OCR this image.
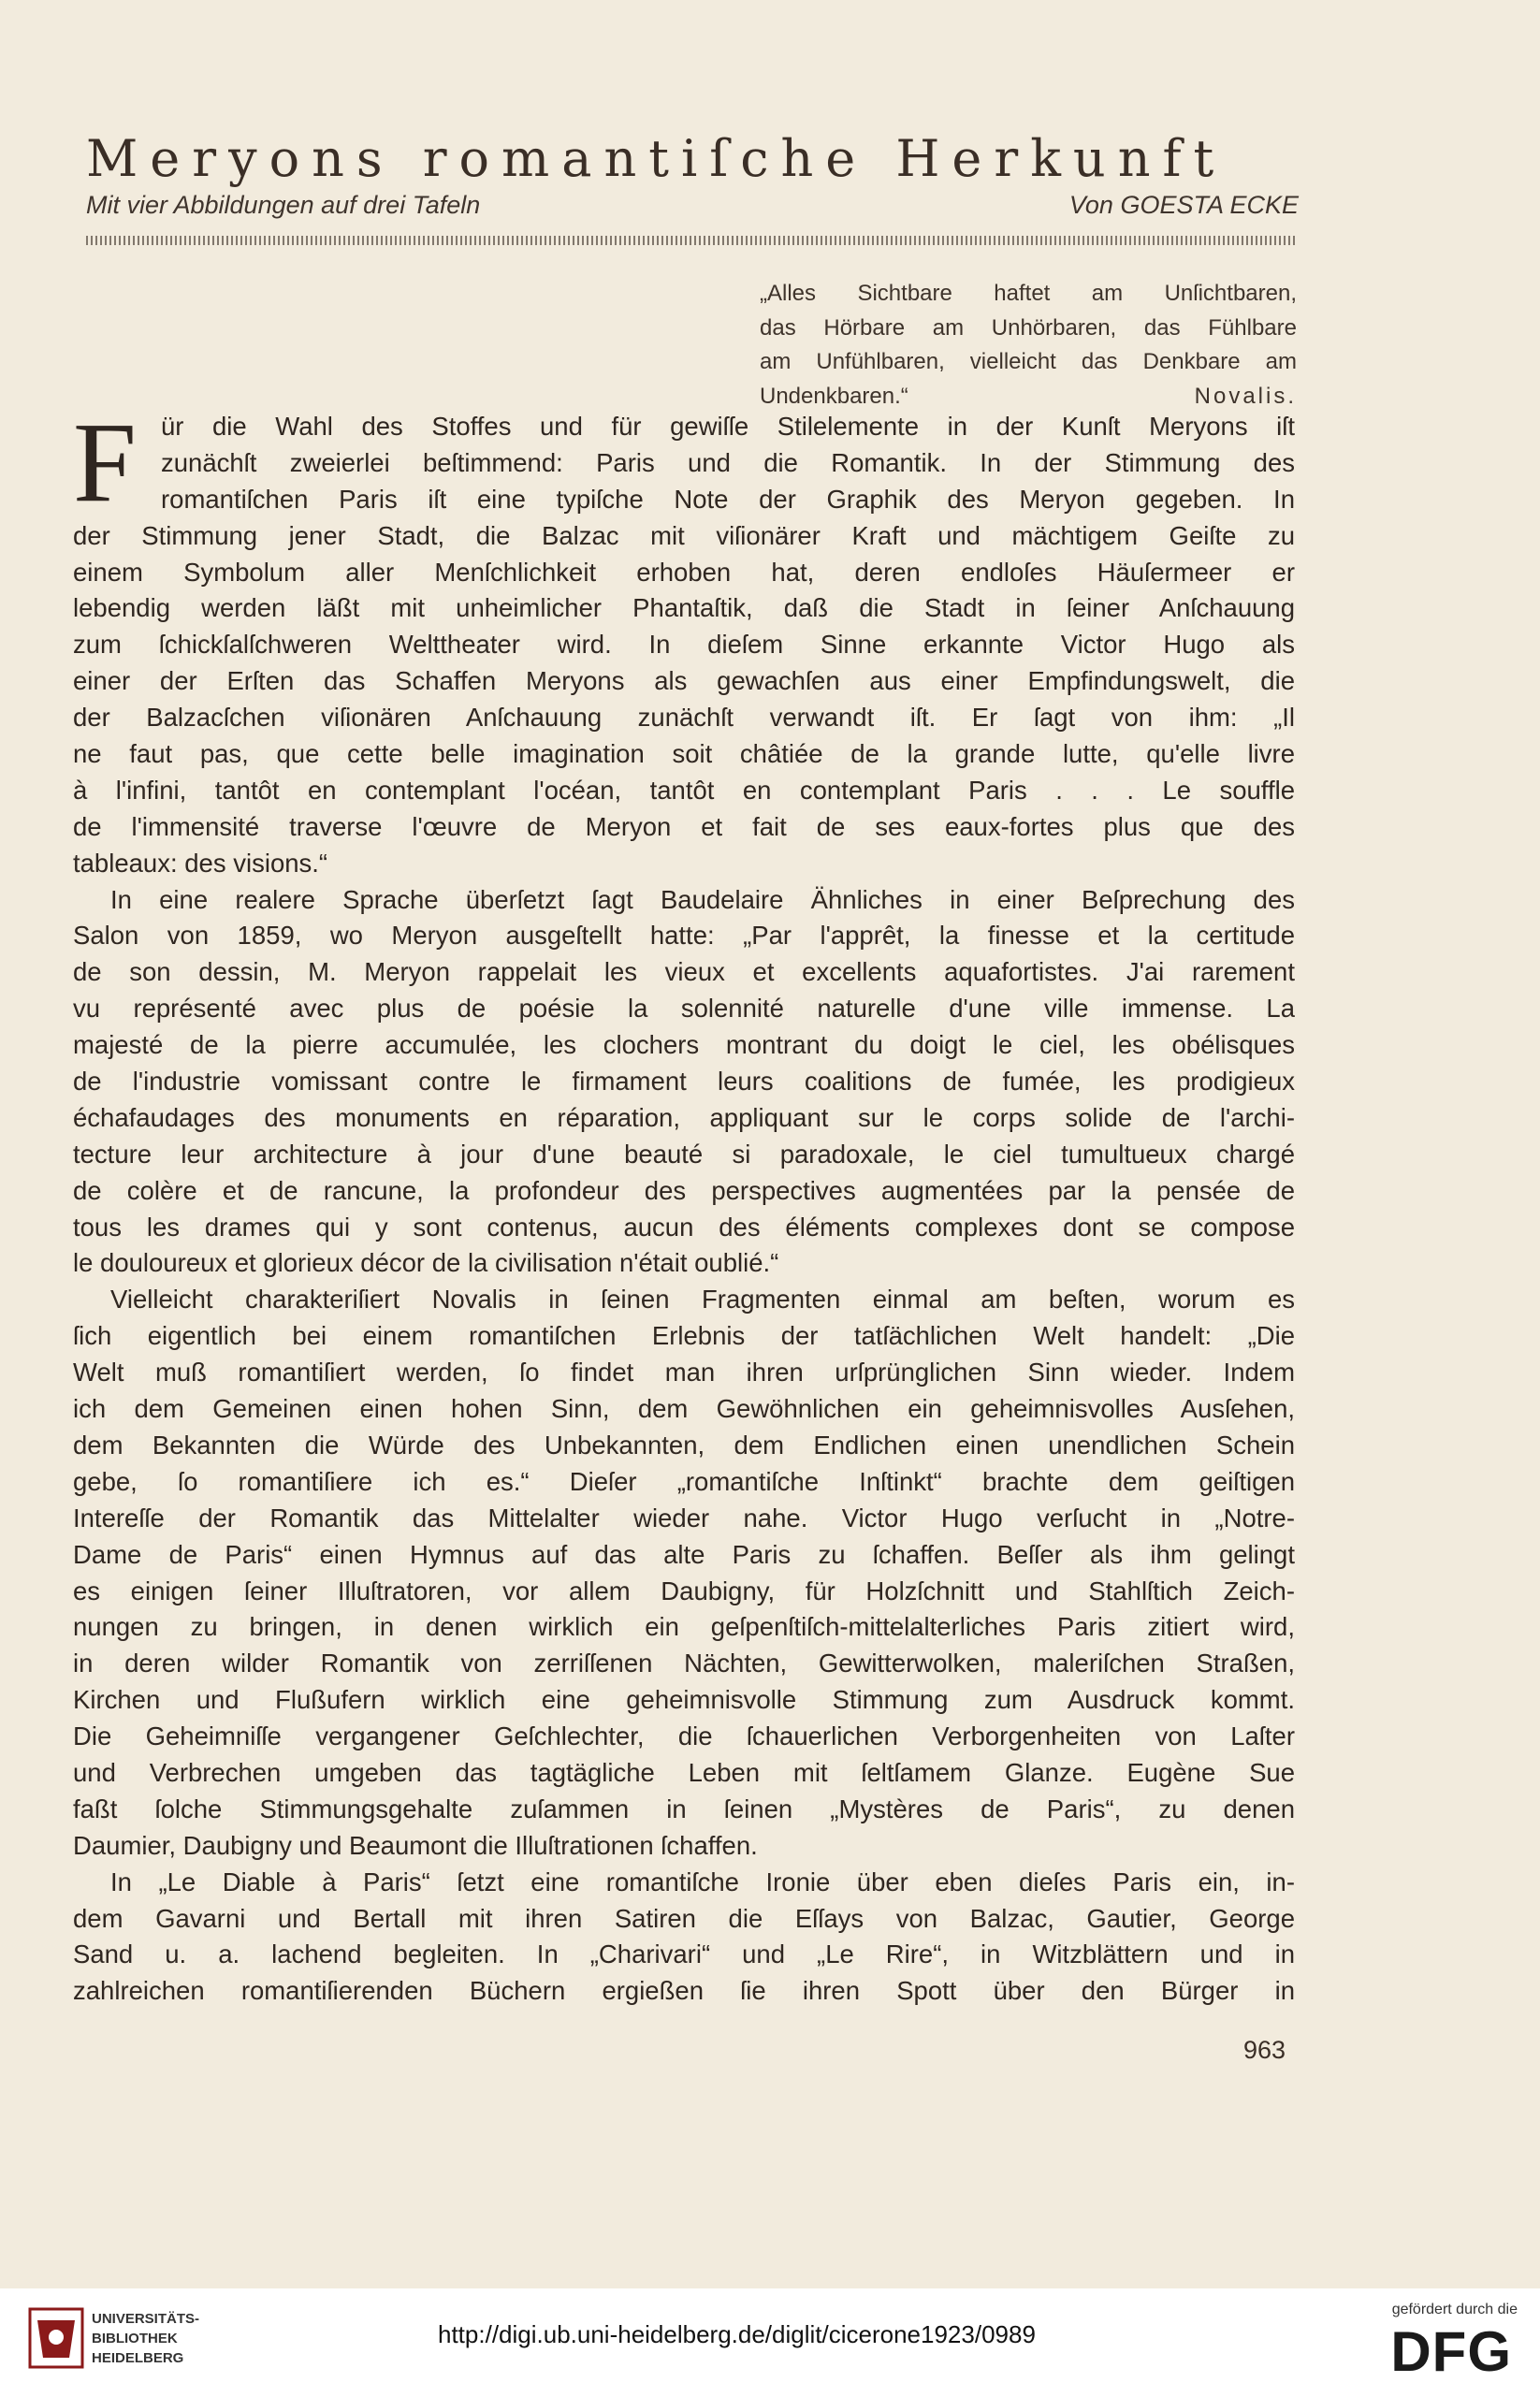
Meryons romantiſche Herkunft
Mit vier Abbildungen auf drei Tafeln	Von GOESTA ECKE
„Alles Sichtbare haftet am Unſichtbaren,
das Hörbare am Unhörbaren, das Fühlbare
am Unfühlbaren, vielleicht das Denkbare am
Undenkbaren.“	Novalis.
F ür die Wahl des Stoffes und für gewiſſe Stilelemente in der Kunſt Meryons iſt
zunächſt zweierlei beſtimmend: Paris und die Romantik. In der Stimmung des
romantiſchen Paris iſt eine typiſche Note der Graphik des Meryon gegeben. In
der Stimmung jener Stadt, die Balzac mit viſionärer Kraft und mächtigem Geiſte zu
einem Symbolum aller Menſchlichkeit erhoben hat, deren endloſes Häuſermeer er
lebendig werden läßt mit unheimlicher Phantaſtik, daß die Stadt in ſeiner Anſchauung
zum ſchickſalſchweren Welttheater wird. In dieſem Sinne erkannte Victor Hugo als
einer der Erſten das Schaffen Meryons als gewachſen aus einer Empfindungswelt, die
der Balzacſchen viſionären Anſchauung zunächſt verwandt iſt. Er ſagt von ihm: „Il
ne faut pas, que cette belle imagination soit châtiée de la grande lutte, qu'elle livre
à l'infini, tantôt en contemplant l'océan, tantôt en contemplant Paris . . . Le souffle
de l'immensité traverse l'œuvre de Meryon et fait de ses eaux-fortes plus que des
tableaux: des visions.“
In eine realere Sprache überſetzt ſagt Baudelaire Ähnliches in einer Beſprechung des
Salon von 1859, wo Meryon ausgeſtellt hatte: „Par l'apprêt, la finesse et la certitude
de son dessin, M. Meryon rappelait les vieux et excellents aquafortistes. J'ai rarement
vu représenté avec plus de poésie la solennité naturelle d'une ville immense. La
majesté de la pierre accumulée, les clochers montrant du doigt le ciel, les obélisques
de l'industrie vomissant contre le firmament leurs coalitions de fumée, les prodigieux
échafaudages des monuments en réparation, appliquant sur le corps solide de l'archi-
tecture leur architecture à jour d'une beauté si paradoxale, le ciel tumultueux chargé
de colère et de rancune, la profondeur des perspectives augmentées par la pensée de
tous les drames qui y sont contenus, aucun des éléments complexes dont se compose
le douloureux et glorieux décor de la civilisation n'était oublié.“
Vielleicht charakteriſiert Novalis in ſeinen Fragmenten einmal am beſten, worum es
ſich eigentlich bei einem romantiſchen Erlebnis der tatſächlichen Welt handelt: „Die
Welt muß romantiſiert werden, ſo findet man ihren urſprünglichen Sinn wieder. Indem
ich dem Gemeinen einen hohen Sinn, dem Gewöhnlichen ein geheimnisvolles Ausſehen,
dem Bekannten die Würde des Unbekannten, dem Endlichen einen unendlichen Schein
gebe, ſo romantiſiere ich es.“ Dieſer „romantiſche Inſtinkt“ brachte dem geiſtigen
Intereſſe der Romantik das Mittelalter wieder nahe. Victor Hugo verſucht in „Notre-
Dame de Paris“ einen Hymnus auf das alte Paris zu ſchaffen. Beſſer als ihm gelingt
es einigen ſeiner Illuſtratoren, vor allem Daubigny, für Holzſchnitt und Stahlſtich Zeich-
nungen zu bringen, in denen wirklich ein geſpenſtiſch-mittelalterliches Paris zitiert wird,
in deren wilder Romantik von zerriſſenen Nächten, Gewitterwolken, maleriſchen Straßen,
Kirchen und Flußufern wirklich eine geheimnisvolle Stimmung zum Ausdruck kommt.
Die Geheimniſſe vergangener Geſchlechter, die ſchauerlichen Verborgenheiten von Laſter
und Verbrechen umgeben das tagtägliche Leben mit ſeltſamem Glanze. Eugène Sue
faßt ſolche Stimmungsgehalte zuſammen in ſeinen „Mystères de Paris“, zu denen
Daumier, Daubigny und Beaumont die Illuſtrationen ſchaffen.
In „Le Diable à Paris“ ſetzt eine romantiſche Ironie über eben dieſes Paris ein, in-
dem Gavarni und Bertall mit ihren Satiren die Eſſays von Balzac, Gautier, George
Sand u. a. lachend begleiten. In „Charivari“ und „Le Rire“, in Witzblättern und in
zahlreichen romantiſierenden Büchern ergießen ſie ihren Spott über den Bürger in
963
UNIVERSITÄTS-
BIBLIOTHEK
HEIDELBERG
http://digi.ub.uni-heidelberg.de/diglit/cicerone1923/0989
gefördert durch die
DFG
